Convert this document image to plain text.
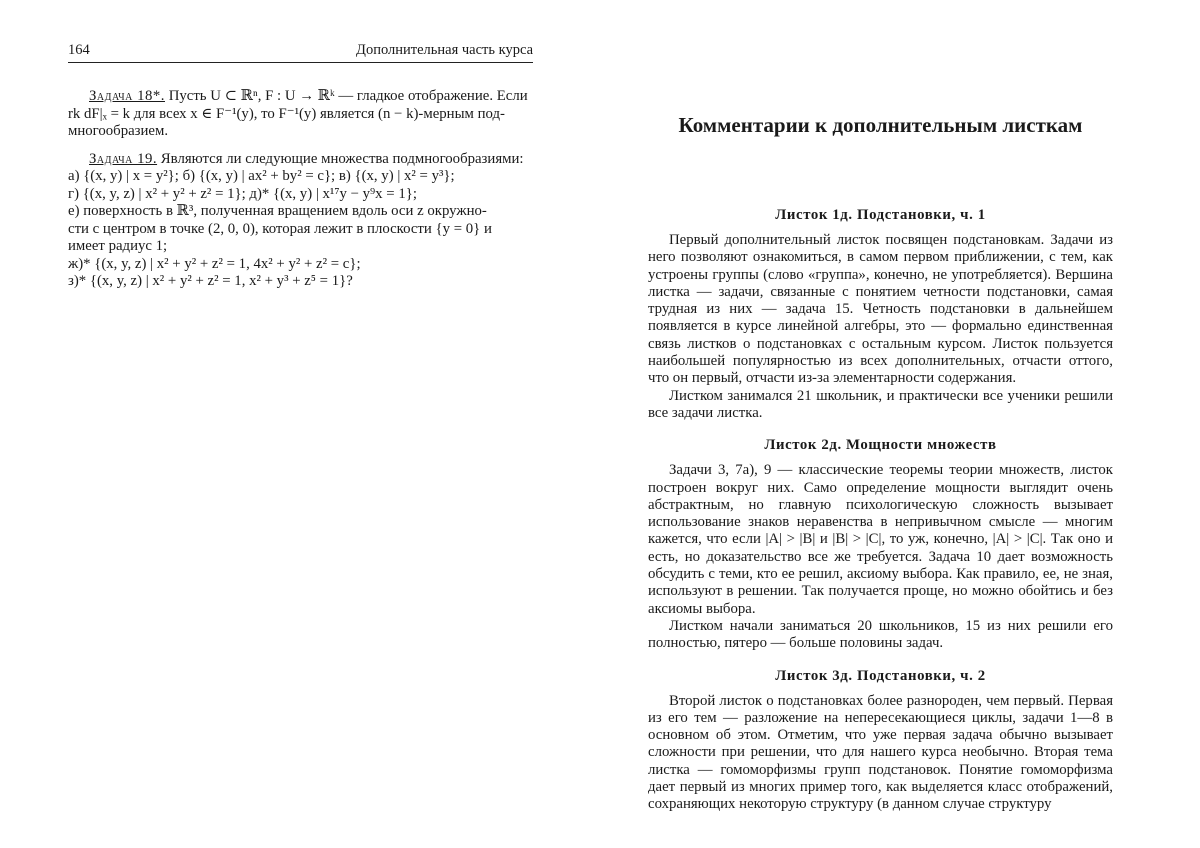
164	Дополнительная часть курса

Задача 18*. Пусть U ⊂ ℝⁿ, F : U → ℝᵏ — гладкое отображение. Если

rk dF|ₓ = k для всех x ∈ F⁻¹(y), то F⁻¹(y) является (n − k)-мерным под-

многообразием.

Задача 19. Являются ли следующие множества подмногообразиями:

а) {(x, y) | x = y²}; б) {(x, y) | ax² + by² = c}; в) {(x, y) | x² = y³};

г) {(x, y, z) | x² + y² + z² = 1}; д)* {(x, y) | x¹⁷y − y⁹x = 1};

е) поверхность в ℝ³, полученная вращением вдоль оси z окружно-

сти с центром в точке (2, 0, 0), которая лежит в плоскости {y = 0} и

имеет радиус 1;

ж)* {(x, y, z) | x² + y² + z² = 1, 4x² + y² + z² = c};

з)* {(x, y, z) | x² + y² + z² = 1, x² + y³ + z⁵ = 1}?

Комментарии к дополнительным листкам
Листок 1д. Подстановки, ч. 1

Первый дополнительный листок посвящен подстановкам. Задачи из него позволяют ознакомиться, в самом первом приближении, с тем, как устроены группы (слово «группа», конечно, не употребляется). Вершина листка — задачи, связанные с понятием четности подстановки, самая трудная из них — задача 15. Четность подстановки в дальнейшем появляется в курсе линейной алгебры, это — формально единственная связь листков о подстановках с остальным курсом. Листок пользуется наибольшей популярностью из всех дополнительных, отчасти оттого, что он первый, отчасти из-за элементарности содержания.

Листком занимался 21 школьник, и практически все ученики решили все задачи листка.

Листок 2д. Мощности множеств

Задачи 3, 7а), 9 — классические теоремы теории множеств, листок построен вокруг них. Само определение мощности выглядит очень абстрактным, но главную психологическую сложность вызывает использование знаков неравенства в непривычном смысле — многим кажется, что если |A| > |B| и |B| > |C|, то уж, конечно, |A| > |C|. Так оно и есть, но доказательство все же требуется. Задача 10 дает возможность обсудить с теми, кто ее решил, аксиому выбора. Как правило, ее, не зная, используют в решении. Так получается проще, но можно обойтись и без аксиомы выбора.

Листком начали заниматься 20 школьников, 15 из них решили его полностью, пятеро — больше половины задач.

Листок 3д. Подстановки, ч. 2

Второй листок о подстановках более разнороден, чем первый. Первая из его тем — разложение на непересекающиеся циклы, задачи 1—8 в основном об этом. Отметим, что уже первая задача обычно вызывает сложности при решении, что для нашего курса необычно. Вторая тема листка — гомоморфизмы групп подстановок. Понятие гомоморфизма дает первый из многих пример того, как выделяется класс отображений, сохраняющих некоторую структуру (в данном случае структуру
